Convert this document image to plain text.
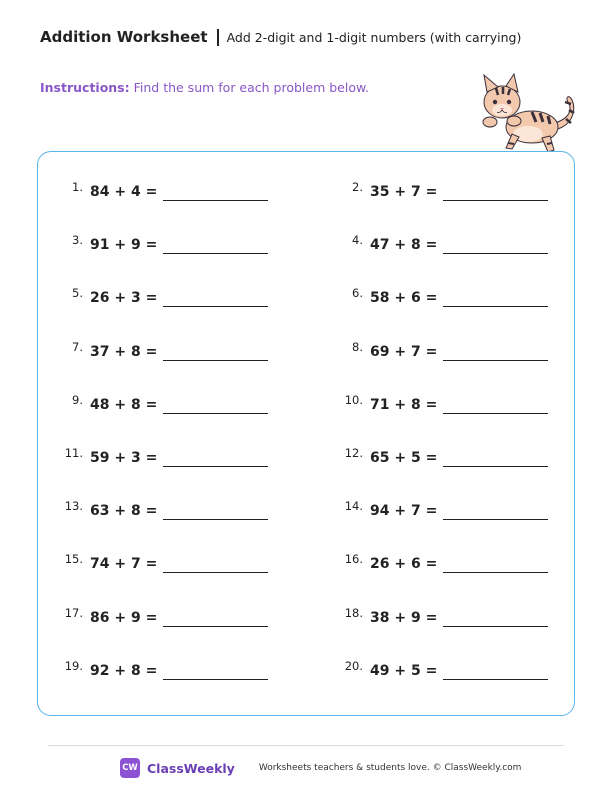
Addition Worksheet Add 2-digit and 1-digit numbers (with carrying)
Instructions: Find the sum for each problem below.
1. 84 + 4 =	2. 35 + 7 =
3. 91 + 9 =	4. 47 + 8 =
5. 26 + 3 =	6. 58 + 6 =
7. 37 + 8 =	8. 69 + 7 =
9. 48 + 8 =	10. 71 + 8 =
11. 59 + 3 =	12. 65 + 5 =
13. 63 + 8 =	14. 94 + 7 =
15. 74 + 7 =	16. 26 + 6 =
17. 86 + 9 =	18. 38 + 9 =
19. 92 + 8 =	20. 49 + 5 =
CW ClassWeekly	Worksheets teachers & students love. © ClassWeekly.com
